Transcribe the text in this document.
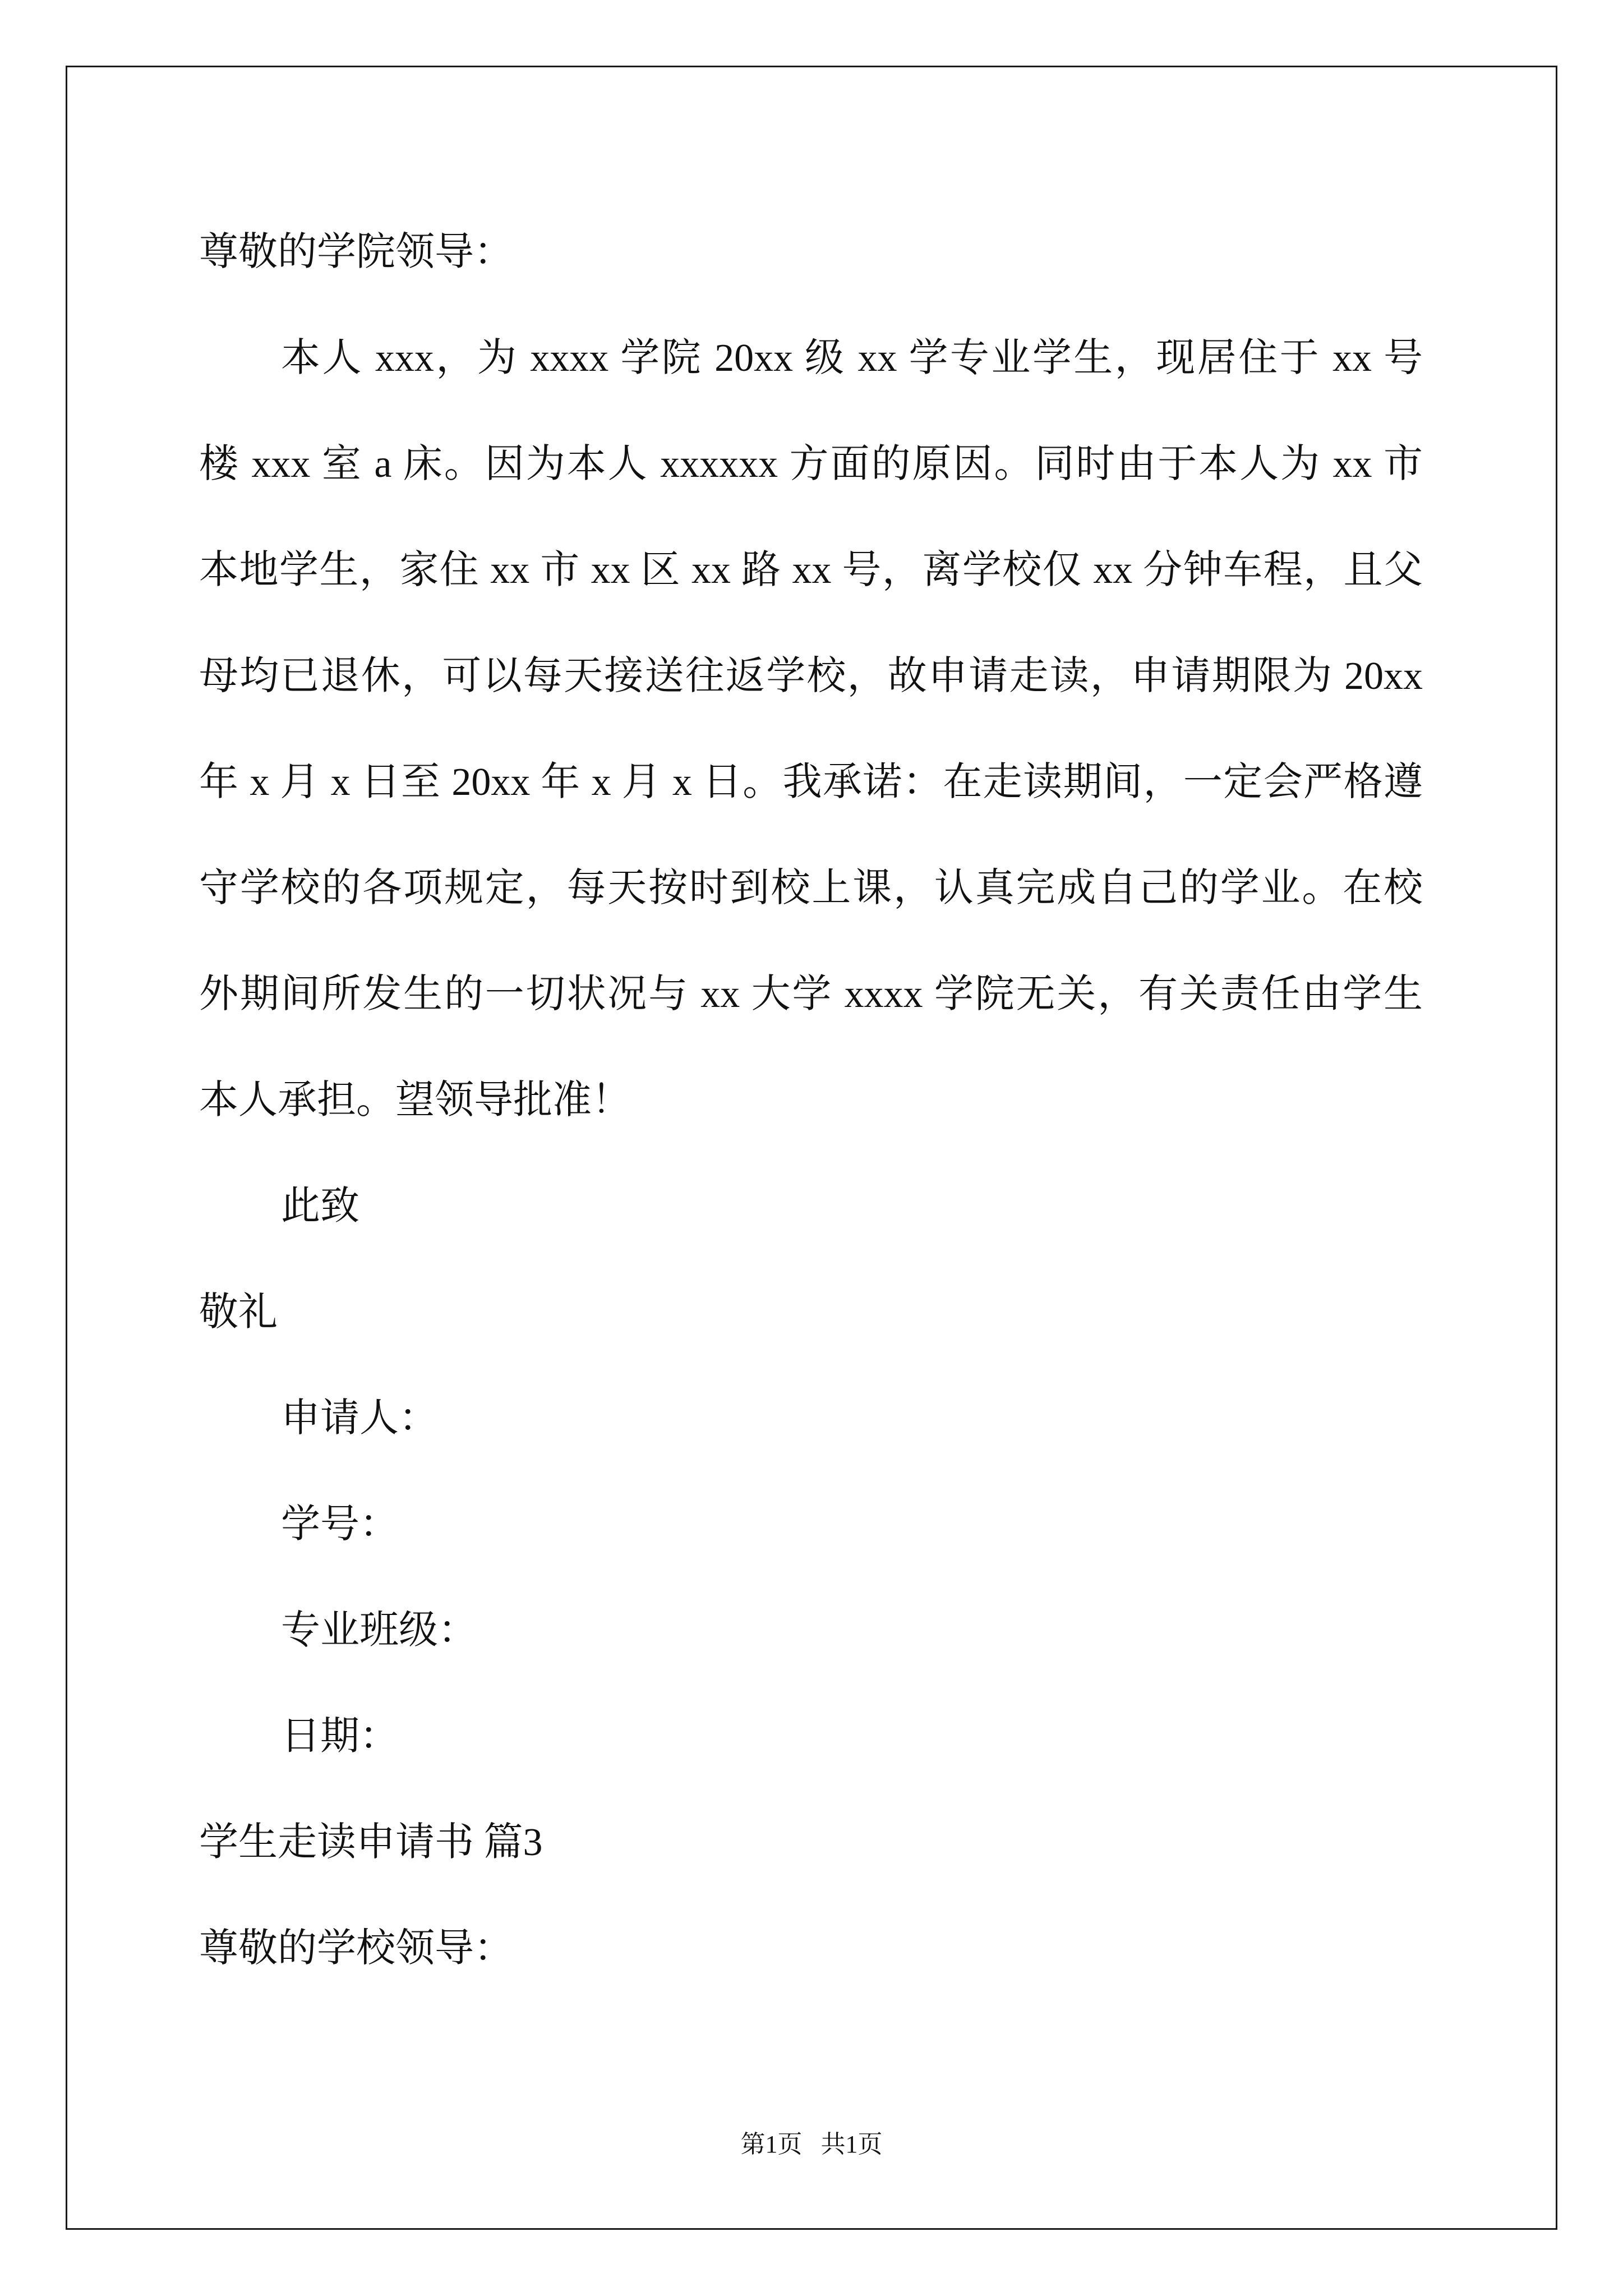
尊敬的学院领导：
本人 xxx，为 xxxx 学院 20xx 级 xx 学专业学生，现居住于 xx 号
楼 xxx 室 a 床。因为本人 xxxxxx 方面的原因。同时由于本人为 xx 市
本地学生，家住 xx 市 xx 区 xx 路 xx 号，离学校仅 xx 分钟车程，且父
母均已退休，可以每天接送往返学校，故申请走读，申请期限为 20xx
年 x 月 x 日至 20xx 年 x 月 x 日。我承诺：在走读期间，一定会严格遵
守学校的各项规定，每天按时到校上课，认真完成自己的学业。在校
外期间所发生的一切状况与 xx 大学 xxxx 学院无关，有关责任由学生
本人承担。望领导批准！
此致
敬礼
申请人：
学号：
专业班级：
日期：
学生走读申请书 篇3
尊敬的学校领导：
第1页   共1页
